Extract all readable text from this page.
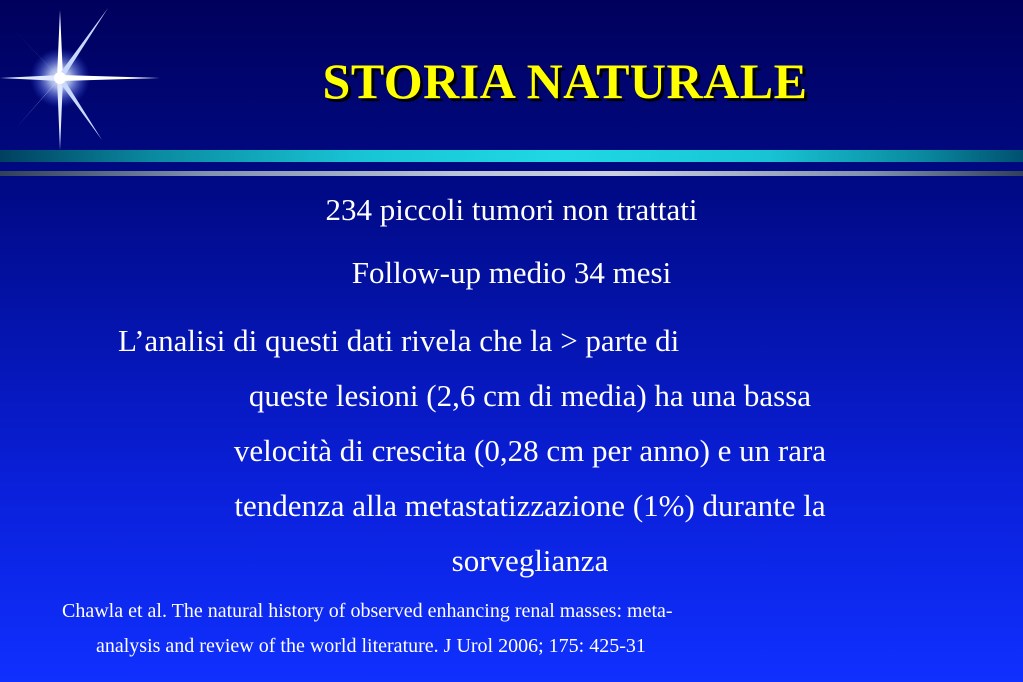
STORIA NATURALE
234 piccoli tumori non trattati
Follow-up medio 34 mesi
L’analisi di questi dati rivela che la > parte di
queste lesioni (2,6 cm di media) ha una bassa
velocità di crescita (0,28 cm per anno) e un rara
tendenza alla metastatizzazione (1%) durante la
sorveglianza
Chawla et al. The natural history of observed enhancing renal masses: meta-
analysis and review of the world literature. J Urol 2006; 175: 425-31
